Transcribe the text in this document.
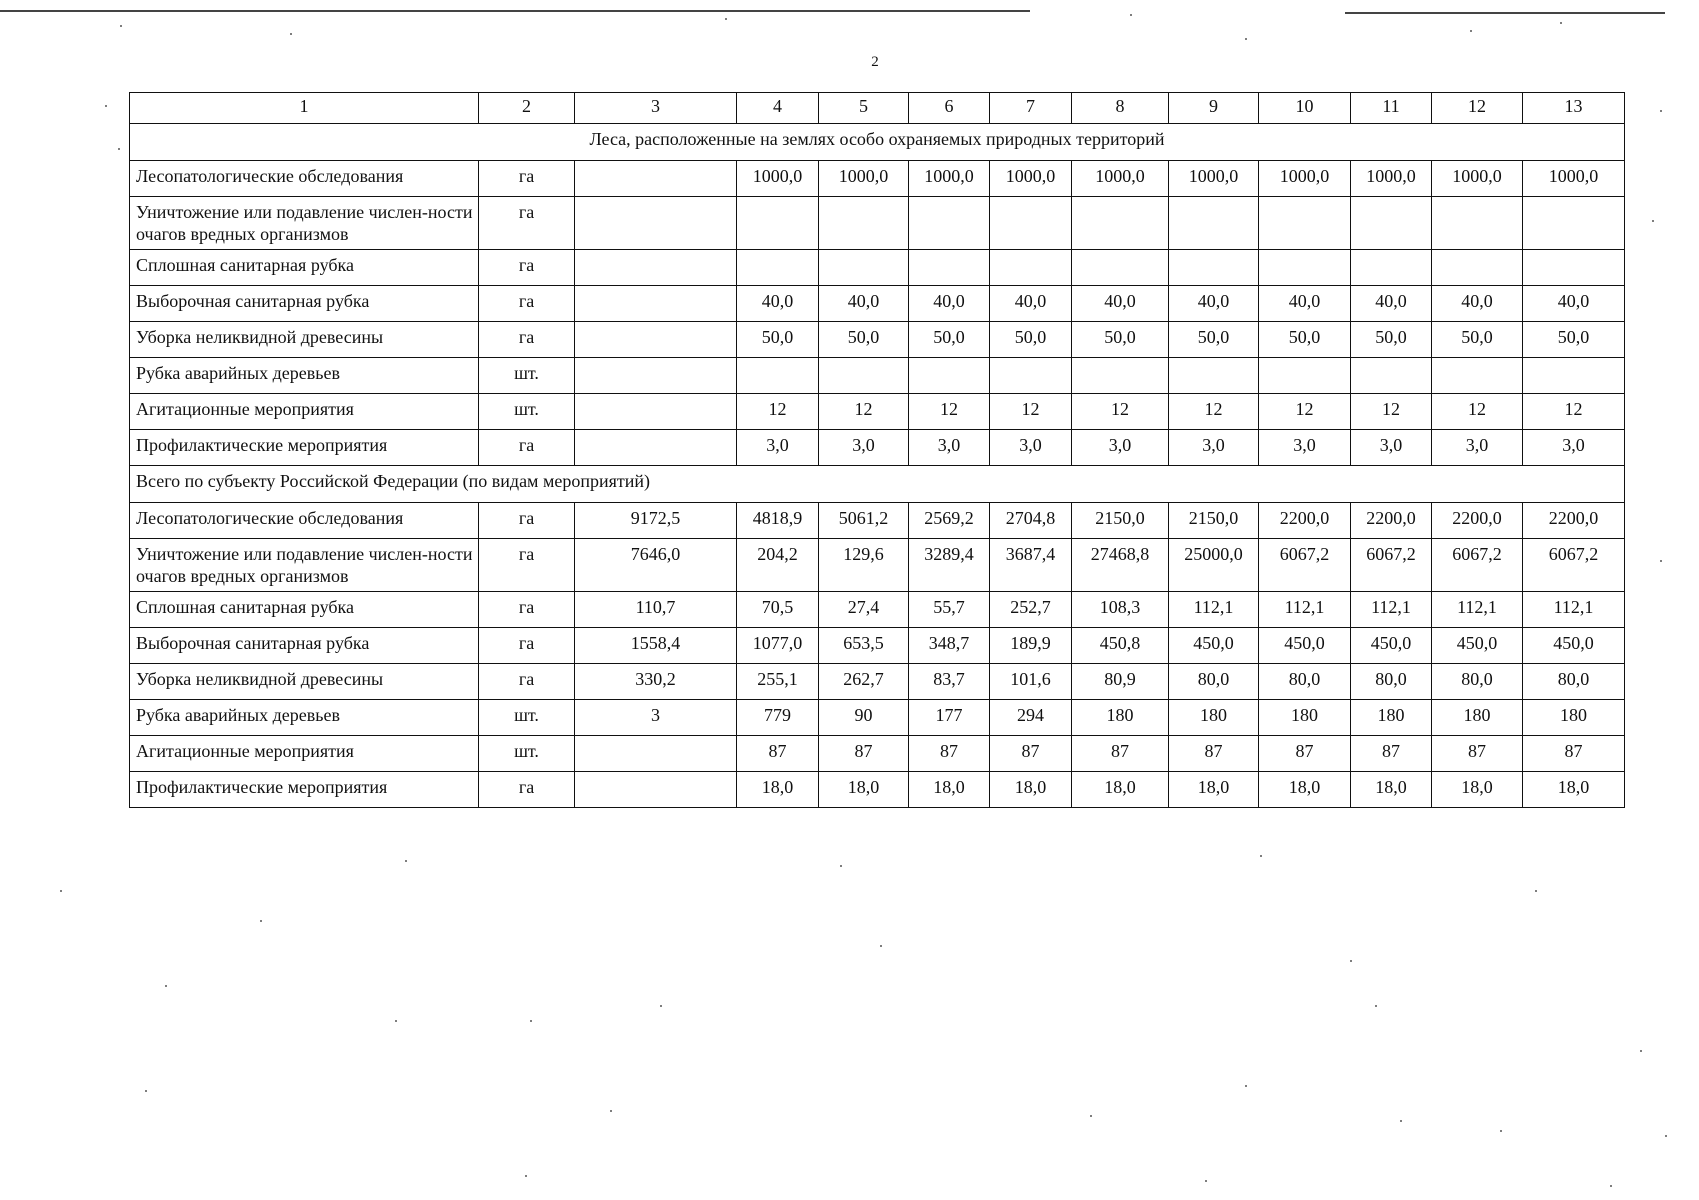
2
1	2	3	4	5	6	7	8	9	10	11	12	13
Леса, расположенные на землях особо охраняемых природных территорий												
Лесопатологические обследования	га		1000,0	1000,0	1000,0	1000,0	1000,0	1000,0	1000,0	1000,0	1000,0	1000,0
Уничтожение или подавление числен-ности очагов вредных организмов	га											
Сплошная санитарная рубка	га											
Выборочная санитарная рубка	га		40,0	40,0	40,0	40,0	40,0	40,0	40,0	40,0	40,0	40,0
Уборка неликвидной древесины	га		50,0	50,0	50,0	50,0	50,0	50,0	50,0	50,0	50,0	50,0
Рубка аварийных деревьев	шт.											
Агитационные мероприятия	шт.		12	12	12	12	12	12	12	12	12	12
Профилактические мероприятия	га		3,0	3,0	3,0	3,0	3,0	3,0	3,0	3,0	3,0	3,0
Всего по субъекту Российской Федерации (по видам мероприятий)												
Лесопатологические обследования	га	9172,5	4818,9	5061,2	2569,2	2704,8	2150,0	2150,0	2200,0	2200,0	2200,0	2200,0
Уничтожение или подавление числен-ности очагов вредных организмов	га	7646,0	204,2	129,6	3289,4	3687,4	27468,8	25000,0	6067,2	6067,2	6067,2	6067,2
Сплошная санитарная рубка	га	110,7	70,5	27,4	55,7	252,7	108,3	112,1	112,1	112,1	112,1	112,1
Выборочная санитарная рубка	га	1558,4	1077,0	653,5	348,7	189,9	450,8	450,0	450,0	450,0	450,0	450,0
Уборка неликвидной древесины	га	330,2	255,1	262,7	83,7	101,6	80,9	80,0	80,0	80,0	80,0	80,0
Рубка аварийных деревьев	шт.	3	779	90	177	294	180	180	180	180	180	180
Агитационные мероприятия	шт.		87	87	87	87	87	87	87	87	87	87
Профилактические мероприятия	га		18,0	18,0	18,0	18,0	18,0	18,0	18,0	18,0	18,0	18,0
